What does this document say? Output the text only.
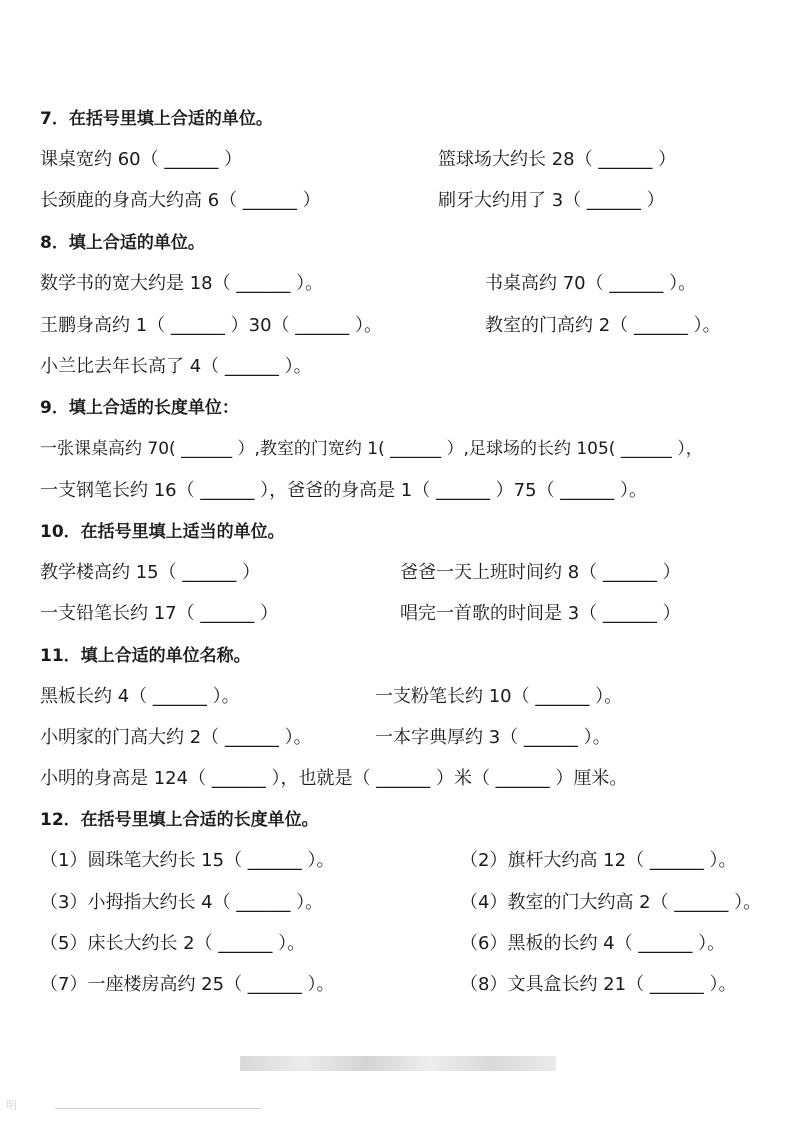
7．在括号里填上合适的单位。
课桌宽约 60（ ______ ）	篮球场大约长 28（ ______ ）
长颈鹿的身高大约高 6（ ______ ）	刷牙大约用了 3（ ______ ）
8．填上合适的单位。
数学书的宽大约是 18（ ______ ）。	书桌高约 70（ ______ ）。
王鹏身高约 1（ ______ ）30（ ______ ）。	教室的门高约 2（ ______ ）。
小兰比去年长高了 4（ ______ ）。
9．填上合适的长度单位：
一张课桌高约 70( ______ ）,教室的门宽约 1( ______ ）,足球场的长约 105( ______ ），
一支钢笔长约 16（ ______ ），爸爸的身高是 1（ ______ ）75（ ______ ）。
10．在括号里填上适当的单位。
教学楼高约 15（ ______ ）	爸爸一天上班时间约 8（ ______ ）
一支铅笔长约 17（ ______ ）	唱完一首歌的时间是 3（ ______ ）
11．填上合适的单位名称。
黑板长约 4（ ______ ）。	一支粉笔长约 10（ ______ ）。
小明家的门高大约 2（ ______ ）。	一本字典厚约 3（ ______ ）。
小明的身高是 124（ ______ ），也就是（ ______ ）米（ ______ ）厘米。
12．在括号里填上合适的长度单位。
（1）圆珠笔大约长 15（ ______ ）。	（2）旗杆大约高 12（ ______ ）。
（3）小拇指大约长 4（ ______ ）。	（4）教室的门大约高 2（ ______ ）。
（5）床长大约长 2（ ______ ）。	（6）黑板的长约 4（ ______ ）。
（7）一座楼房高约 25（ ______ ）。	（8）文具盒长约 21（ ______ ）。
明
